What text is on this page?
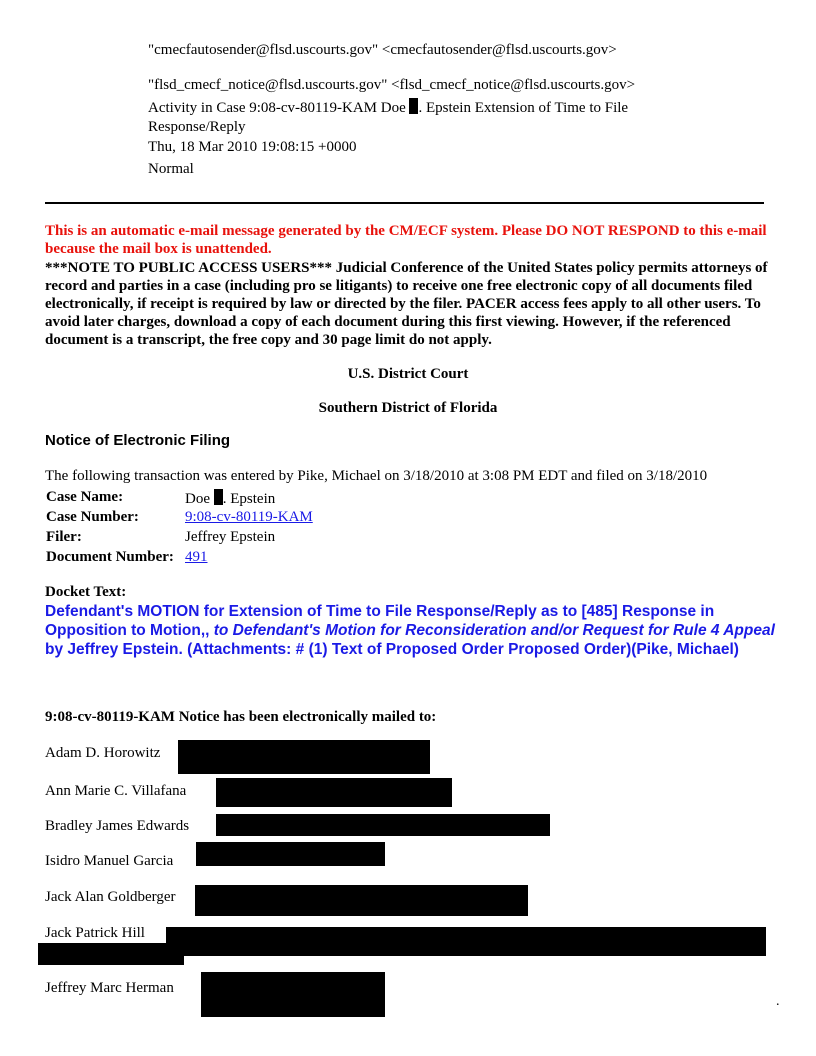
"cmecfautosender@flsd.uscourts.gov" <cmecfautosender@flsd.uscourts.gov>
"flsd_cmecf_notice@flsd.uscourts.gov" <flsd_cmecf_notice@flsd.uscourts.gov>
Activity in Case 9:08-cv-80119-KAM Doe . Epstein Extension of Time to File Response/Reply
Thu, 18 Mar 2010 19:08:15 +0000
Normal
This is an automatic e-mail message generated by the CM/ECF system. Please DO NOT RESPOND to this e-mail because the mail box is unattended.
***NOTE TO PUBLIC ACCESS USERS*** Judicial Conference of the United States policy permits attorneys of record and parties in a case (including pro se litigants) to receive one free electronic copy of all documents filed electronically, if receipt is required by law or directed by the filer. PACER access fees apply to all other users. To avoid later charges, download a copy of each document during this first viewing. However, if the referenced document is a transcript, the free copy and 30 page limit do not apply.
U.S. District Court
Southern District of Florida
Notice of Electronic Filing
The following transaction was entered by Pike, Michael on 3/18/2010 at 3:08 PM EDT and filed on 3/18/2010
Case Name:	Doe . Epstein
Case Number:	9:08-cv-80119-KAM
Filer:	Jeffrey Epstein
Document Number: 491
Docket Text:
Defendant's MOTION for Extension of Time to File Response/Reply as to [485] Response in Opposition to Motion,, to Defendant's Motion for Reconsideration and/or Request for Rule 4 Appeal by Jeffrey Epstein. (Attachments: # (1) Text of Proposed Order Proposed Order)(Pike, Michael)
9:08-cv-80119-KAM Notice has been electronically mailed to:
Adam D. Horowitz
Ann Marie C. Villafana
Bradley James Edwards
Isidro Manuel Garcia
Jack Alan Goldberger
Jack Patrick Hill
Jeffrey Marc Herman
.
